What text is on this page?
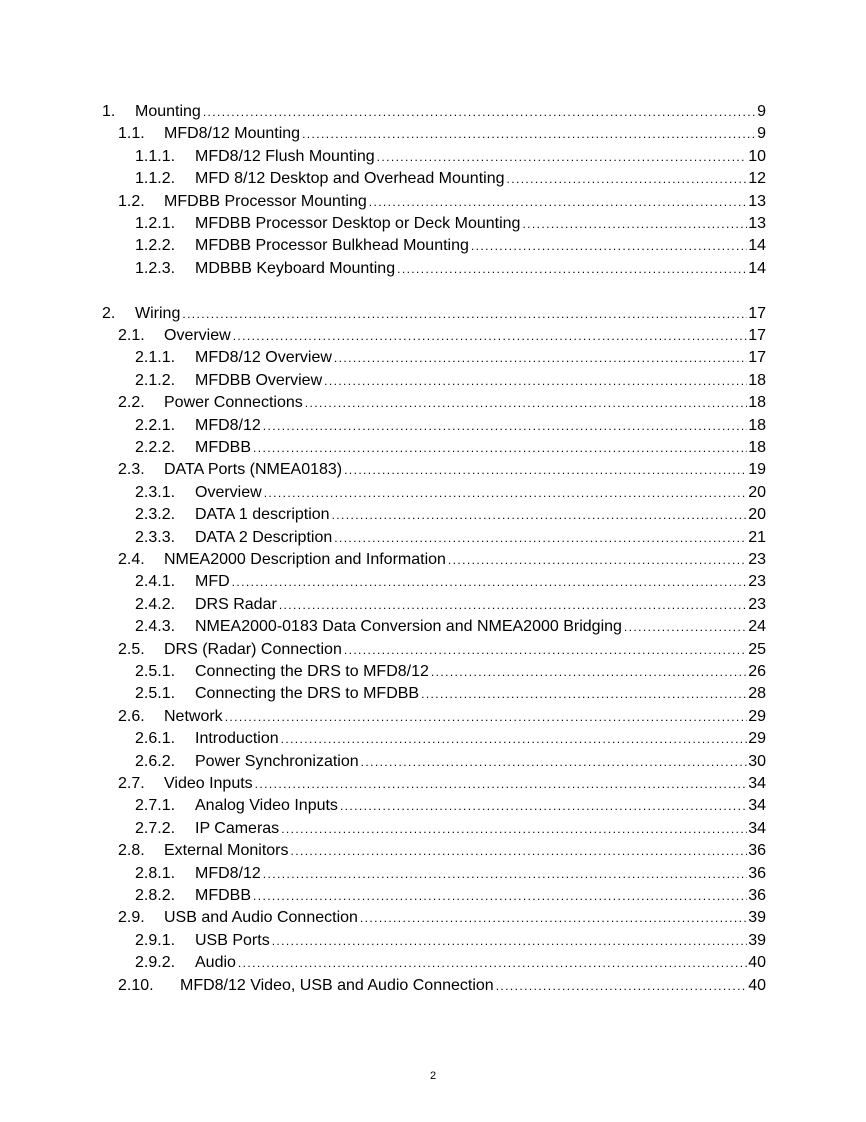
1.	Mounting .....	9
1.1.	MFD8/12 Mounting .....	9
1.1.1.	MFD8/12 Flush Mounting .....	10
1.1.2.	MFD 8/12 Desktop and Overhead Mounting .....	12
1.2.	MFDBB Processor Mounting .....	13
1.2.1.	MFDBB Processor Desktop or Deck Mounting .....	13
1.2.2.	MFDBB Processor Bulkhead Mounting .....	14
1.2.3.	MDBBB Keyboard Mounting .....	14
2.	Wiring .....	17
2.1.	Overview .....	17
2.1.1.	MFD8/12 Overview .....	17
2.1.2.	MFDBB Overview .....	18
2.2.	Power Connections .....	18
2.2.1.	MFD8/12 .....	18
2.2.2.	MFDBB .....	18
2.3.	DATA Ports (NMEA0183) .....	19
2.3.1.	Overview .....	20
2.3.2.	DATA 1 description .....	20
2.3.3.	DATA 2 Description .....	21
2.4.	NMEA2000 Description and Information .....	23
2.4.1.	MFD .....	23
2.4.2.	DRS Radar .....	23
2.4.3.	NMEA2000-0183 Data Conversion and NMEA2000 Bridging .....	24
2.5.	DRS (Radar) Connection .....	25
2.5.1.	Connecting the DRS to MFD8/12 .....	26
2.5.1.	Connecting the DRS to MFDBB .....	28
2.6.	Network .....	29
2.6.1.	Introduction .....	29
2.6.2.	Power Synchronization .....	30
2.7.	Video Inputs .....	34
2.7.1.	Analog Video Inputs .....	34
2.7.2.	IP Cameras .....	34
2.8.	External Monitors .....	36
2.8.1.	MFD8/12 .....	36
2.8.2.	MFDBB .....	36
2.9.	USB and Audio Connection .....	39
2.9.1.	USB Ports .....	39
2.9.2.	Audio .....	40
2.10.	MFD8/12 Video, USB and Audio Connection .....	40
2
